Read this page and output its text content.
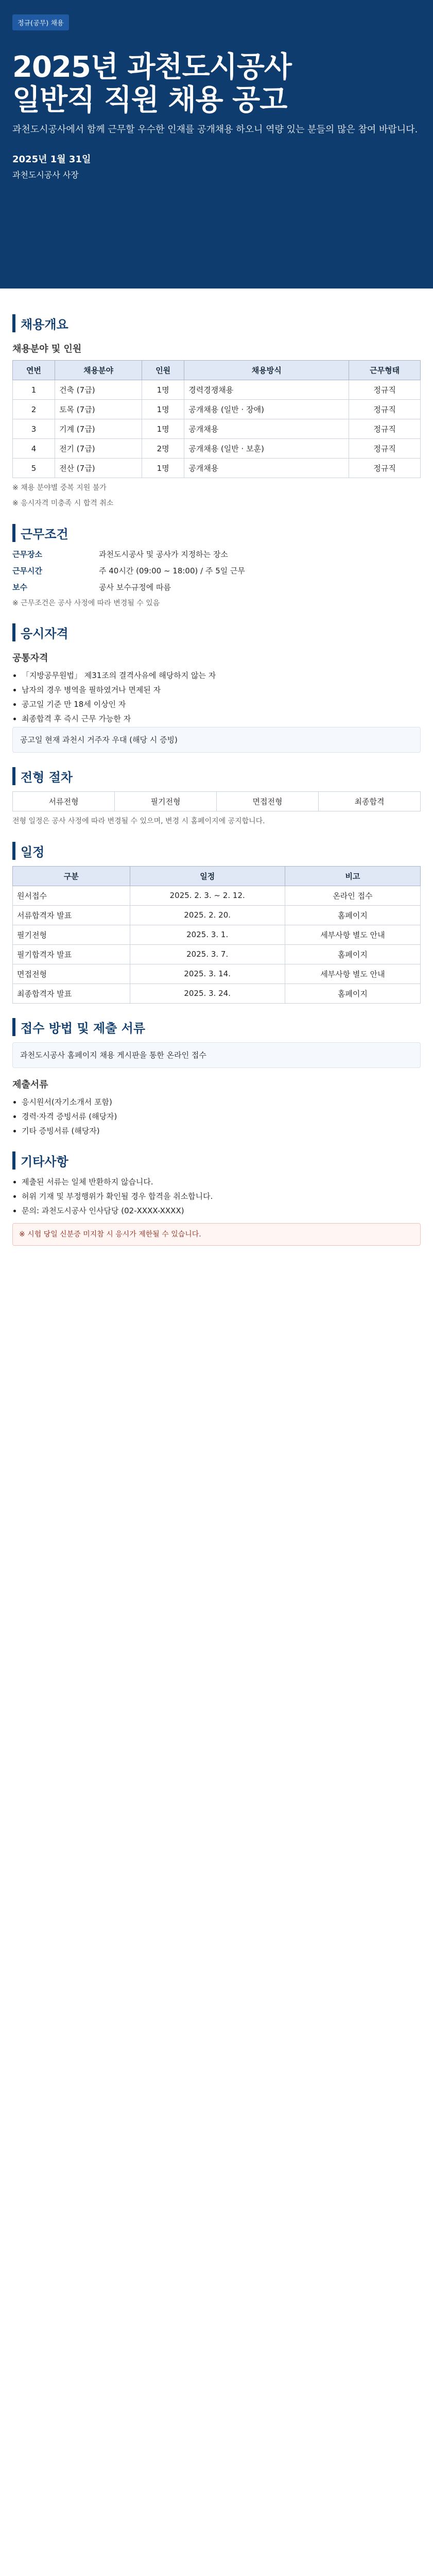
정규(공무) 채용
2025년 과천도시공사
일반직 직원 채용 공고
과천도시공사에서 함께 근무할 우수한 인재를 공개채용 하오니 역량 있는 분들의 많은 참여 바랍니다.
2025년 1월 31일
과천도시공사 사장
채용개요
채용분야 및 인원
연번	채용분야	인원	채용방식	근무형태
1	건축 (7급)	1명	경력경쟁채용	정규직
2	토목 (7급)	1명	공개채용 (일반 · 장애)	정규직
3	기계 (7급)	1명	공개채용	정규직
4	전기 (7급)	2명	공개채용 (일반 · 보훈)	정규직
5	전산 (7급)	1명	공개채용	정규직
※ 채용 분야별 중복 지원 불가
※ 응시자격 미충족 시 합격 취소
근무조건
근무장소	과천도시공사 및 공사가 지정하는 장소
근무시간	주 40시간 (09:00 ~ 18:00) / 주 5일 근무
보수	공사 보수규정에 따름
※ 근무조건은 공사 사정에 따라 변경될 수 있음
응시자격
공통자격
• 「지방공무원법」 제31조의 결격사유에 해당하지 않는 자
• 남자의 경우 병역을 필하였거나 면제된 자
• 공고일 기준 만 18세 이상인 자
• 최종합격 후 즉시 근무 가능한 자
공고일 현재 과천시 거주자 우대 (해당 시 증빙)
전형 절차
서류전형	필기전형	면접전형	최종합격
전형 일정은 공사 사정에 따라 변경될 수 있으며, 변경 시 홈페이지에 공지합니다.
일정
구분	일정	비고
원서접수	2025. 2. 3. ~ 2. 12.	온라인 접수
서류합격자 발표	2025. 2. 20.	홈페이지
필기전형	2025. 3. 1.	세부사항 별도 안내
필기합격자 발표	2025. 3. 7.	홈페이지
면접전형	2025. 3. 14.	세부사항 별도 안내
최종합격자 발표	2025. 3. 24.	홈페이지
접수 방법 및 제출 서류
과천도시공사 홈페이지 채용 게시판을 통한 온라인 접수
제출서류
• 응시원서(자기소개서 포함)
• 경력·자격 증빙서류 (해당자)
• 기타 증빙서류 (해당자)
기타사항
• 제출된 서류는 일체 반환하지 않습니다.
• 허위 기재 및 부정행위가 확인될 경우 합격을 취소합니다.
• 문의: 과천도시공사 인사담당 (02-XXXX-XXXX)
※ 시험 당일 신분증 미지참 시 응시가 제한될 수 있습니다.
